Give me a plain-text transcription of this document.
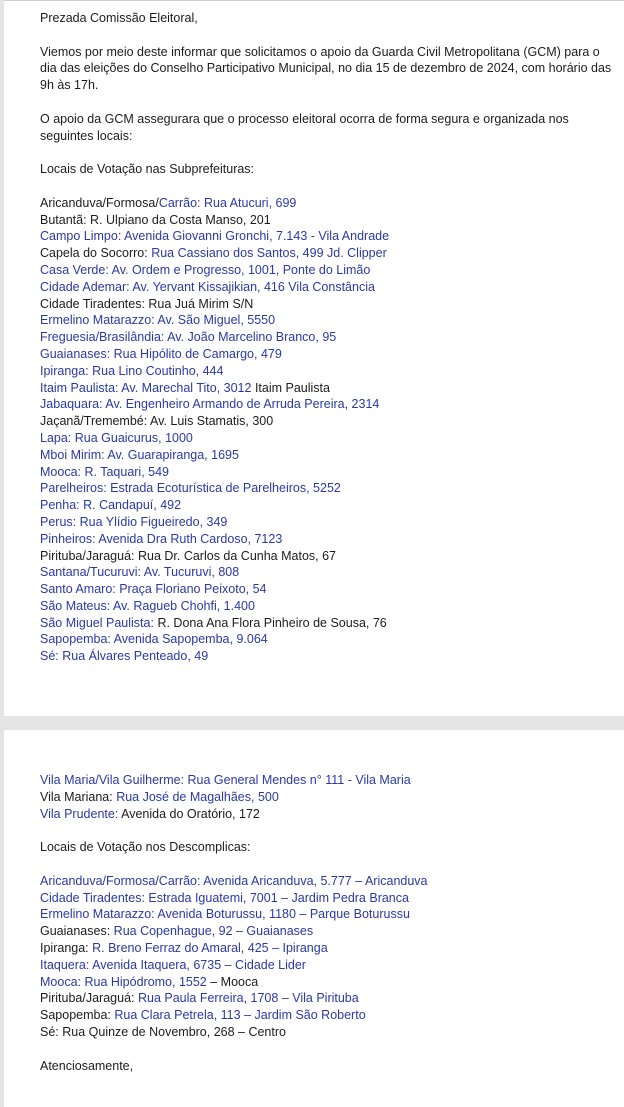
Prezada Comissão Eleitoral,

Viemos por meio deste informar que solicitamos o apoio da Guarda Civil Metropolitana (GCM) para o dia das eleições do Conselho Participativo Municipal, no dia 15 de dezembro de 2024, com horário das 9h às 17h.

O apoio da GCM assegurara que o processo eleitoral ocorra de forma segura e organizada nos seguintes locais:

Locais de Votação nas Subprefeituras:

Aricanduva/Formosa/Carrão: Rua Atucuri, 699
Butantã: R. Ulpiano da Costa Manso, 201
Campo Limpo: Avenida Giovanni Gronchi, 7.143 - Vila Andrade
Capela do Socorro: Rua Cassiano dos Santos, 499 Jd. Clipper
Casa Verde: Av. Ordem e Progresso, 1001, Ponte do Limão
Cidade Ademar: Av. Yervant Kissajikian, 416 Vila Constância
Cidade Tiradentes: Rua Juá Mirim S/N
Ermelino Matarazzo: Av. São Miguel, 5550
Freguesia/Brasilândia: Av. João Marcelino Branco, 95
Guaianases: Rua Hipólito de Camargo, 479
Ipiranga: Rua Lino Coutinho, 444
Itaim Paulista: Av. Marechal Tito, 3012 Itaim Paulista
Jabaquara: Av. Engenheiro Armando de Arruda Pereira, 2314
Jaçanã/Tremembé: Av. Luis Stamatis, 300
Lapa: Rua Guaicurus, 1000
Mboi Mirim: Av. Guarapiranga, 1695
Mooca: R. Taquari, 549
Parelheiros: Estrada Ecoturística de Parelheiros, 5252
Penha: R. Candapuí, 492
Perus: Rua Ylídio Figueiredo, 349
Pinheiros: Avenida Dra Ruth Cardoso, 7123
Pirituba/Jaraguá: Rua Dr. Carlos da Cunha Matos, 67
Santana/Tucuruvi: Av. Tucuruvi, 808
Santo Amaro: Praça Floriano Peixoto, 54
São Mateus: Av. Ragueb Chohfi, 1.400
São Miguel Paulista: R. Dona Ana Flora Pinheiro de Sousa, 76
Sapopemba: Avenida Sapopemba, 9.064
Sé: Rua Álvares Penteado, 49
Vila Maria/Vila Guilherme: Rua General Mendes n° 111 - Vila Maria
Vila Mariana: Rua José de Magalhães, 500
Vila Prudente: Avenida do Oratório, 172

Locais de Votação nos Descomplicas:

Aricanduva/Formosa/Carrão: Avenida Aricanduva, 5.777 – Aricanduva
Cidade Tiradentes: Estrada Iguatemi, 7001 – Jardim Pedra Branca
Ermelino Matarazzo: Avenida Boturussu, 1180 – Parque Boturussu
Guaianases: Rua Copenhague, 92 – Guaianases
Ipiranga: R. Breno Ferraz do Amaral, 425 – Ipiranga
Itaquera: Avenida Itaquera, 6735 – Cidade Lider
Mooca: Rua Hipódromo, 1552 – Mooca
Pirituba/Jaraguá: Rua Paula Ferreira, 1708 – Vila Pirituba
Sapopemba: Rua Clara Petrela, 113 – Jardim São Roberto
Sé: Rua Quinze de Novembro, 268 – Centro

Atenciosamente,
